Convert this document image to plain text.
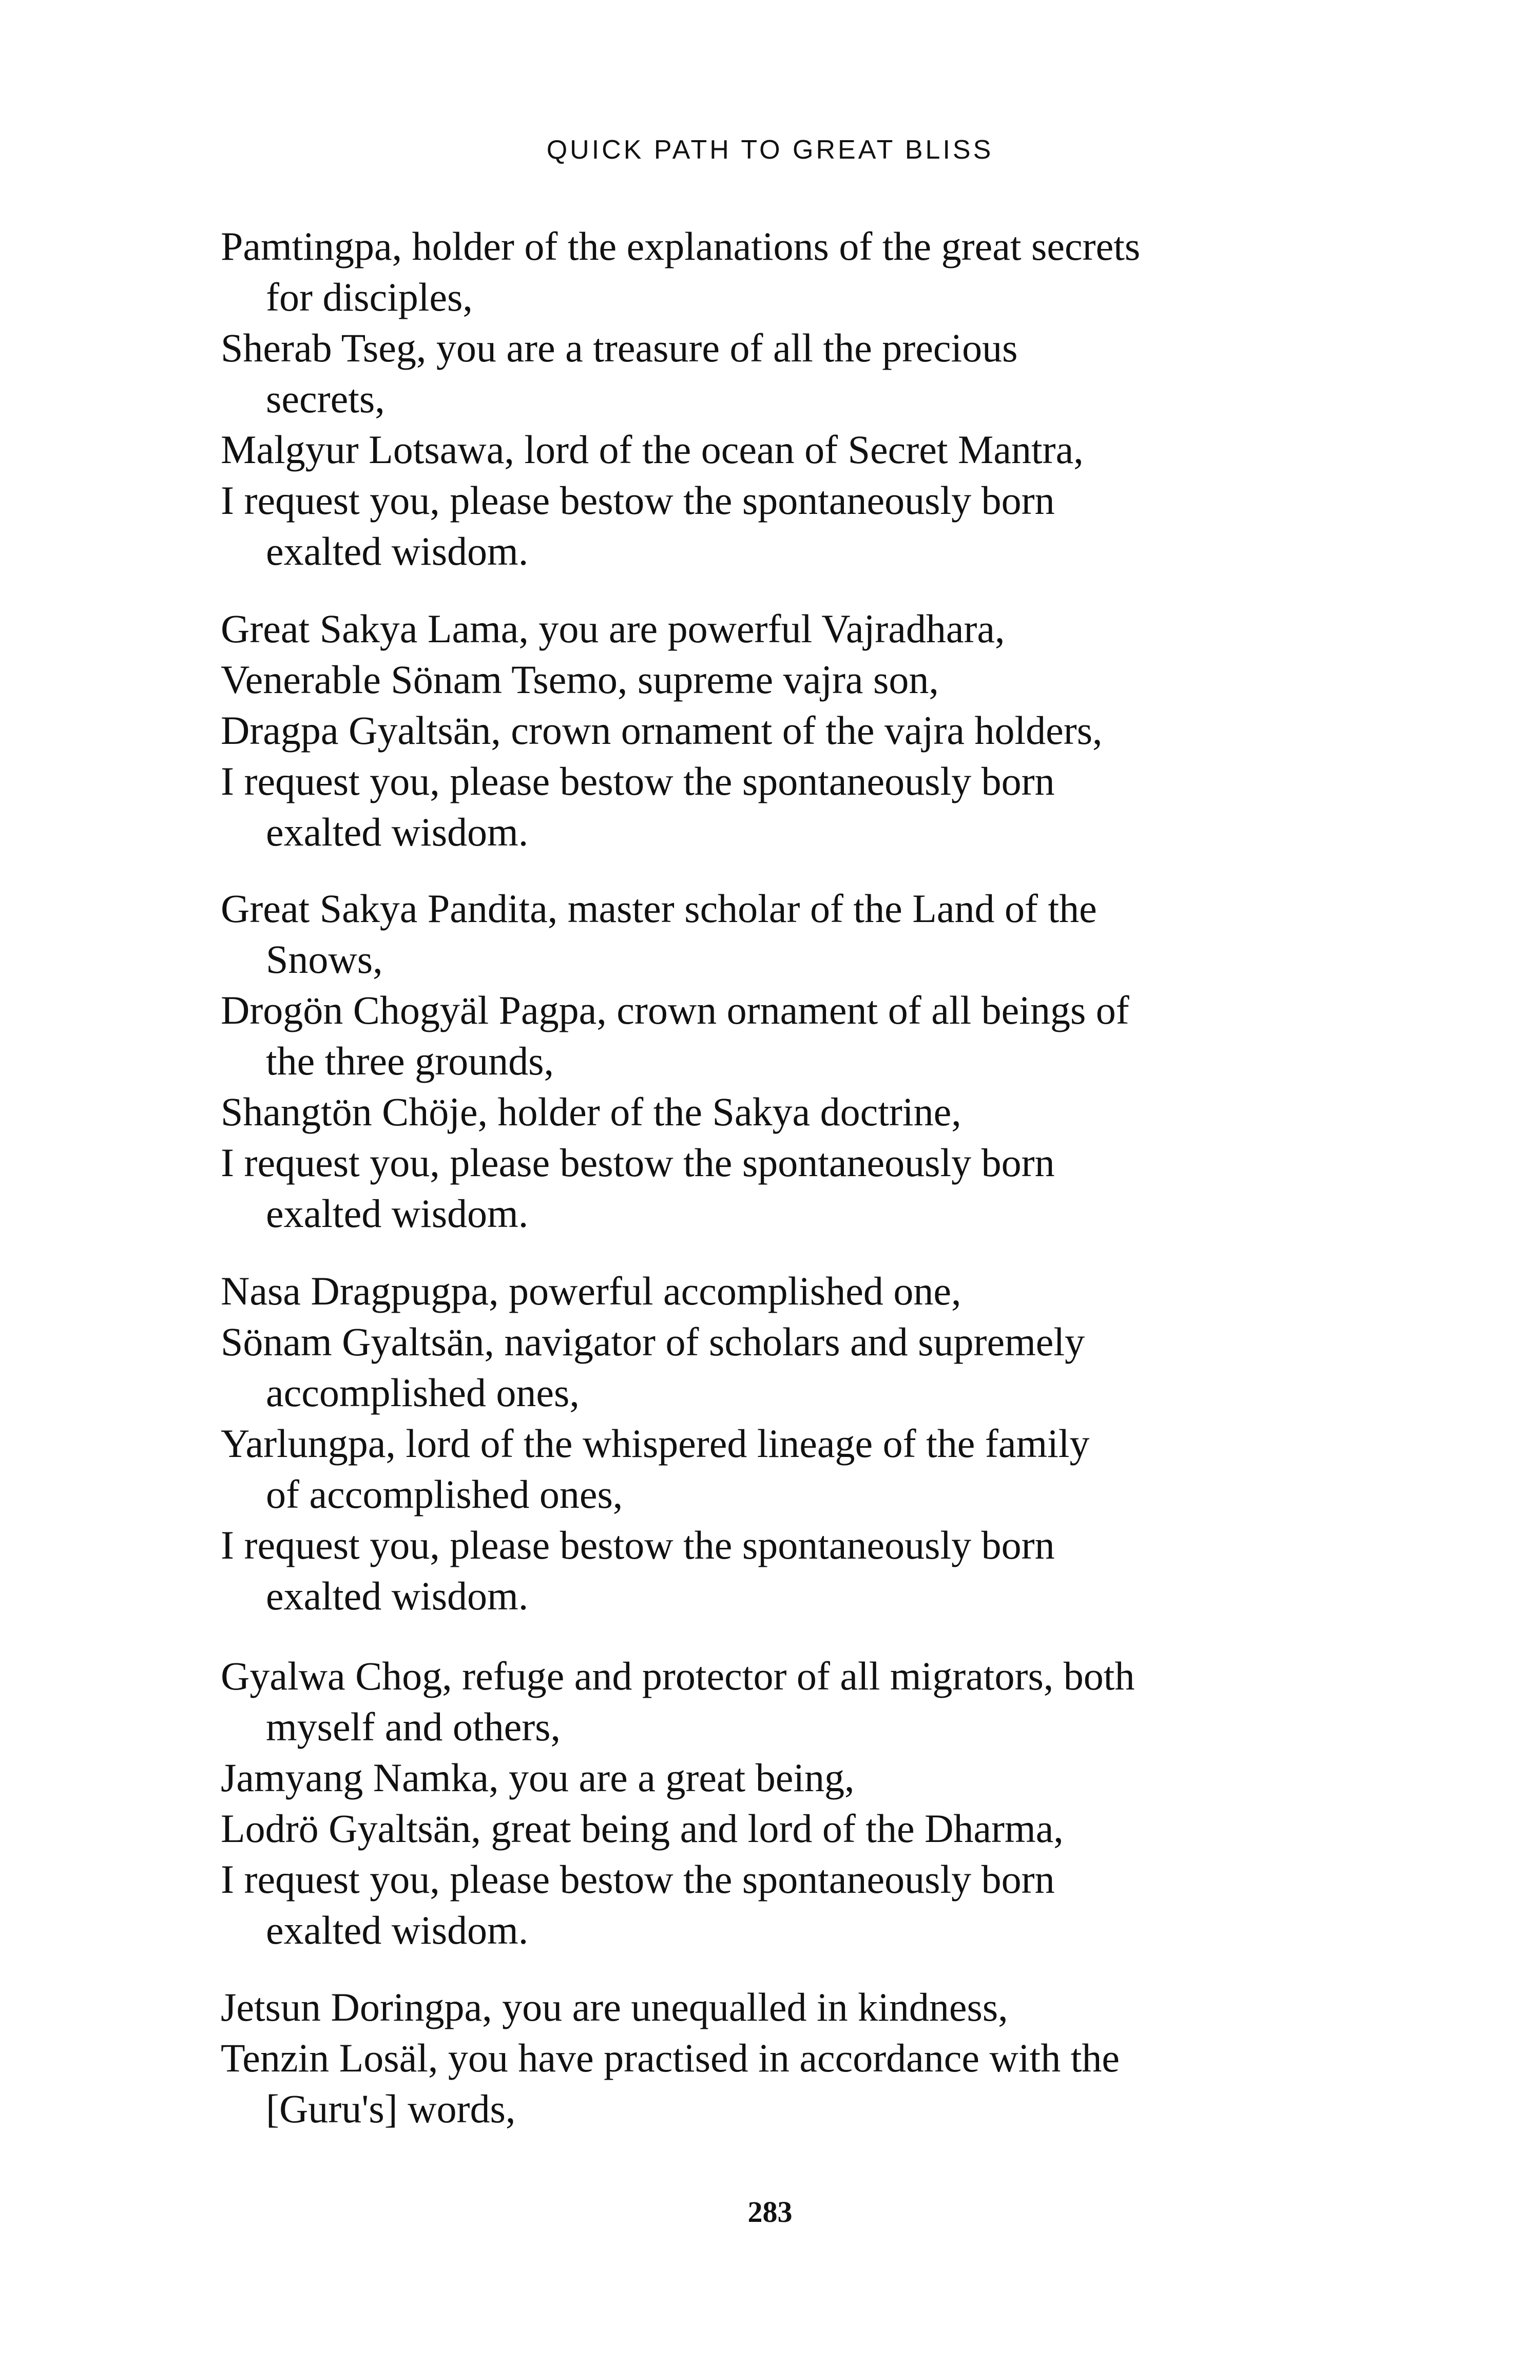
QUICK PATH TO GREAT BLISS
Pamtingpa, holder of the explanations of the great secrets
for disciples,
Sherab Tseg, you are a treasure of all the precious
secrets,
Malgyur Lotsawa, lord of the ocean of Secret Mantra,
I request you, please bestow the spontaneously born
exalted wisdom.
Great Sakya Lama, you are powerful Vajradhara,
Venerable Sönam Tsemo, supreme vajra son,
Dragpa Gyaltsän, crown ornament of the vajra holders,
I request you, please bestow the spontaneously born
exalted wisdom.
Great Sakya Pandita, master scholar of the Land of the
Snows,
Drogön Chogyäl Pagpa, crown ornament of all beings of
the three grounds,
Shangtön Chöje, holder of the Sakya doctrine,
I request you, please bestow the spontaneously born
exalted wisdom.
Nasa Dragpugpa, powerful accomplished one,
Sönam Gyaltsän, navigator of scholars and supremely
accomplished ones,
Yarlungpa, lord of the whispered lineage of the family
of accomplished ones,
I request you, please bestow the spontaneously born
exalted wisdom.
Gyalwa Chog, refuge and protector of all migrators, both
myself and others,
Jamyang Namka, you are a great being,
Lodrö Gyaltsän, great being and lord of the Dharma,
I request you, please bestow the spontaneously born
exalted wisdom.
Jetsun Doringpa, you are unequalled in kindness,
Tenzin Losäl, you have practised in accordance with the
[Guru's] words,
283
